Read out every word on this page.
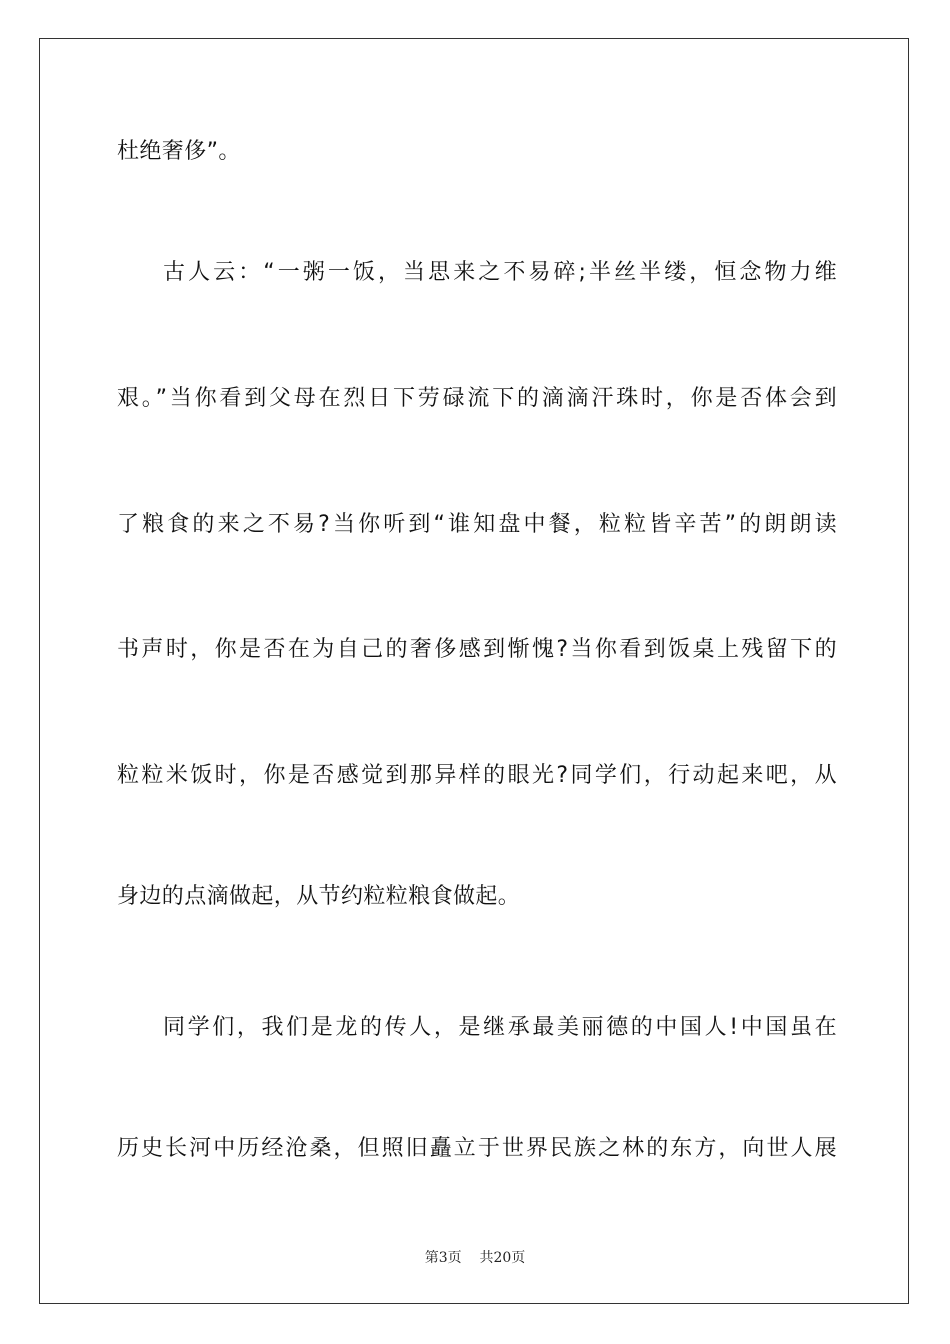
杜绝奢侈”。
古人云：“一粥一饭，当思来之不易碎;半丝半缕，恒念物力维
艰。”当你看到父母在烈日下劳碌流下的滴滴汗珠时，你是否体会到
了粮食的来之不易?当你听到“谁知盘中餐，粒粒皆辛苦”的朗朗读
书声时，你是否在为自己的奢侈感到惭愧?当你看到饭桌上残留下的
粒粒米饭时，你是否感觉到那异样的眼光?同学们，行动起来吧，从
身边的点滴做起，从节约粒粒粮食做起。
同学们，我们是龙的传人，是继承最美丽德的中国人!中国虽在
历史长河中历经沧桑，但照旧矗立于世界民族之林的东方，向世人展
第3页    共20页
